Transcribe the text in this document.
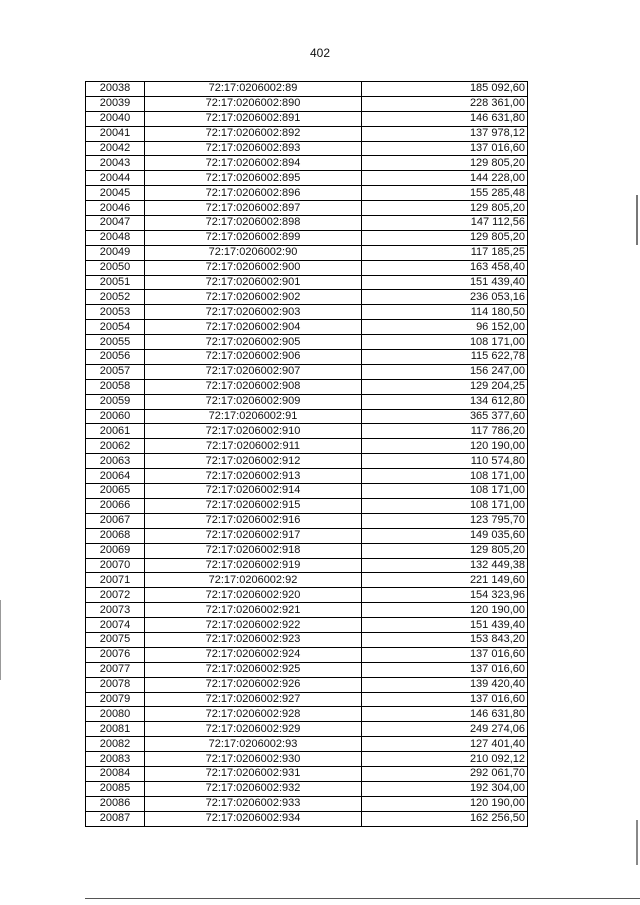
402
20038	72:17:0206002:89	185 092,60
20039	72:17:0206002:890	228 361,00
20040	72:17:0206002:891	146 631,80
20041	72:17:0206002:892	137 978,12
20042	72:17:0206002:893	137 016,60
20043	72:17:0206002:894	129 805,20
20044	72:17:0206002:895	144 228,00
20045	72:17:0206002:896	155 285,48
20046	72:17:0206002:897	129 805,20
20047	72:17:0206002:898	147 112,56
20048	72:17:0206002:899	129 805,20
20049	72:17:0206002:90	117 185,25
20050	72:17:0206002:900	163 458,40
20051	72:17:0206002:901	151 439,40
20052	72:17:0206002:902	236 053,16
20053	72:17:0206002:903	114 180,50
20054	72:17:0206002:904	96 152,00
20055	72:17:0206002:905	108 171,00
20056	72:17:0206002:906	115 622,78
20057	72:17:0206002:907	156 247,00
20058	72:17:0206002:908	129 204,25
20059	72:17:0206002:909	134 612,80
20060	72:17:0206002:91	365 377,60
20061	72:17:0206002:910	117 786,20
20062	72:17:0206002:911	120 190,00
20063	72:17:0206002:912	110 574,80
20064	72:17:0206002:913	108 171,00
20065	72:17:0206002:914	108 171,00
20066	72:17:0206002:915	108 171,00
20067	72:17:0206002:916	123 795,70
20068	72:17:0206002:917	149 035,60
20069	72:17:0206002:918	129 805,20
20070	72:17:0206002:919	132 449,38
20071	72:17:0206002:92	221 149,60
20072	72:17:0206002:920	154 323,96
20073	72:17:0206002:921	120 190,00
20074	72:17:0206002:922	151 439,40
20075	72:17:0206002:923	153 843,20
20076	72:17:0206002:924	137 016,60
20077	72:17:0206002:925	137 016,60
20078	72:17:0206002:926	139 420,40
20079	72:17:0206002:927	137 016,60
20080	72:17:0206002:928	146 631,80
20081	72:17:0206002:929	249 274,06
20082	72:17:0206002:93	127 401,40
20083	72:17:0206002:930	210 092,12
20084	72:17:0206002:931	292 061,70
20085	72:17:0206002:932	192 304,00
20086	72:17:0206002:933	120 190,00
20087	72:17:0206002:934	162 256,50
